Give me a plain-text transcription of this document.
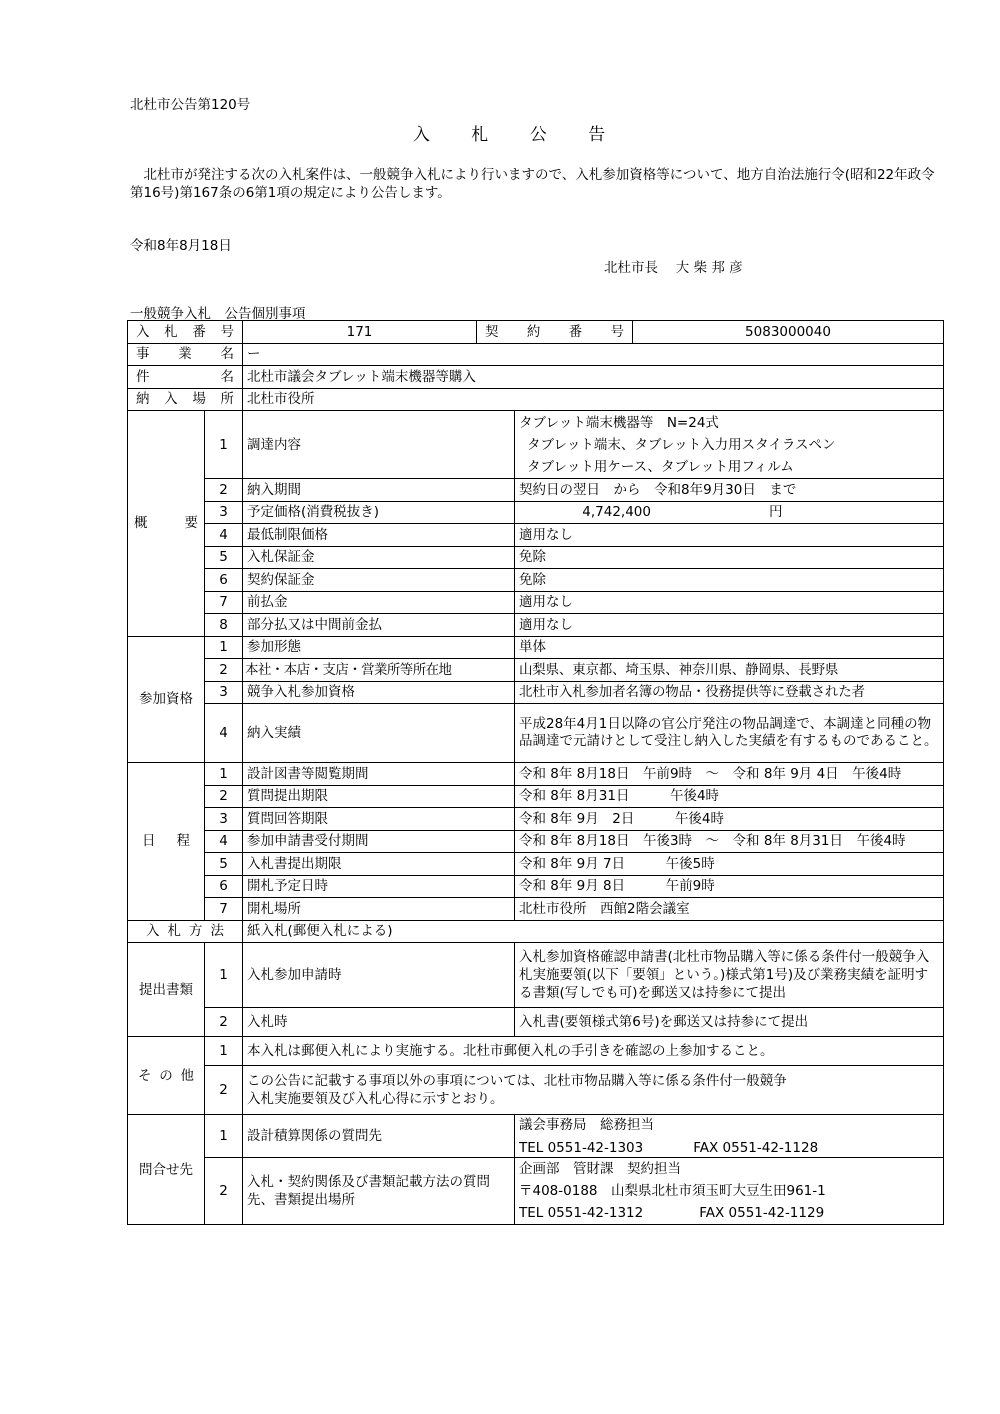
北杜市公告第120号
入 札 公 告
　北杜市が発注する次の入札案件は、一般競争入札により行いますので、入札参加資格等について、地方自治法施行令(昭和22年政令第16号)第167条の6第1項の規定により公告します。
令和8年8月18日
北杜市長　 大 柴 邦 彦
一般競争入札　公告個別事項
入札番号		171	契約番号		5083000040
事業名		ー			
件名		北杜市議会タブレット端末機器等購入			
納入場所		北杜市役所			
概要	1	調達内容		タブレット端末機器等　N=24式
タブレット端末、タブレット入力用スタイラスペン
タブレット用ケース、タブレット用フィルム	

	2	納入期間		契約日の翌日　から　令和8年9月30日　まで	
	3	予定価格(消費税抜き)		4,742,400 円	
	4	最低制限価格		適用なし	
	5	入札保証金		免除	
	6	契約保証金		免除	
	7	前払金		適用なし	
	8	部分払又は中間前金払		適用なし	
参加資格	1	参加形態		単体	
	2	本社・本店・支店・営業所等所在地		山梨県、東京都、埼玉県、神奈川県、静岡県、長野県	
	3	競争入札参加資格		北杜市入札参加者名簿の物品・役務提供等に登載された者	
	4	納入実績		平成28年4月1日以降の官公庁発注の物品調達で、本調達と同種の物品調達で元請けとして受注し納入した実績を有するものであること。	
日程	1	設計図書等閲覧期間		令和 8年 8月18日　午前9時　～　令和 8年 9月 4日　午後4時	
	2	質問提出期限		令和 8年 8月31日　　　午後4時	
	3	質問回答期限		令和 8年 9月　2日　　　午後4時	
	4	参加申請書受付期間		令和 8年 8月18日　午後3時　～　令和 8年 8月31日　午後4時	
	5	入札書提出期限		令和 8年 9月 7日　　　午後5時	
	6	開札予定日時		令和 8年 9月 8日　　　午前9時	
	7	開札場所		北杜市役所　西館2階会議室	
入札方法		紙入札(郵便入札による)			
提出書類	1	入札参加申請時		入札参加資格確認申請書(北杜市物品購入等に係る条件付一般競争入札実施要領(以下「要領」という。)様式第1号)及び業務実績を証明する書類(写しでも可)を郵送又は持参にて提出	
	2	入札時		入札書(要領様式第6号)を郵送又は持参にて提出	
その他	1	本入札は郵便入札により実施する。北杜市郵便入札の手引きを確認の上参加すること。			
	2	この公告に記載する事項以外の事項については、北杜市物品購入等に係る条件付一般競争
入札実施要領及び入札心得に示すとおり。			

問合せ先	1	設計積算関係の質問先		議会事務局　総務担当
TEL 0551-42-1303 FAX 0551-42-1128	

	2	入札・契約関係及び書類記載方法の質問先、書類提出場所		企画部　管財課　契約担当
〒408-0188　山梨県北杜市須玉町大豆生田961-1
TEL 0551-42-1312 FAX 0551-42-1129	
